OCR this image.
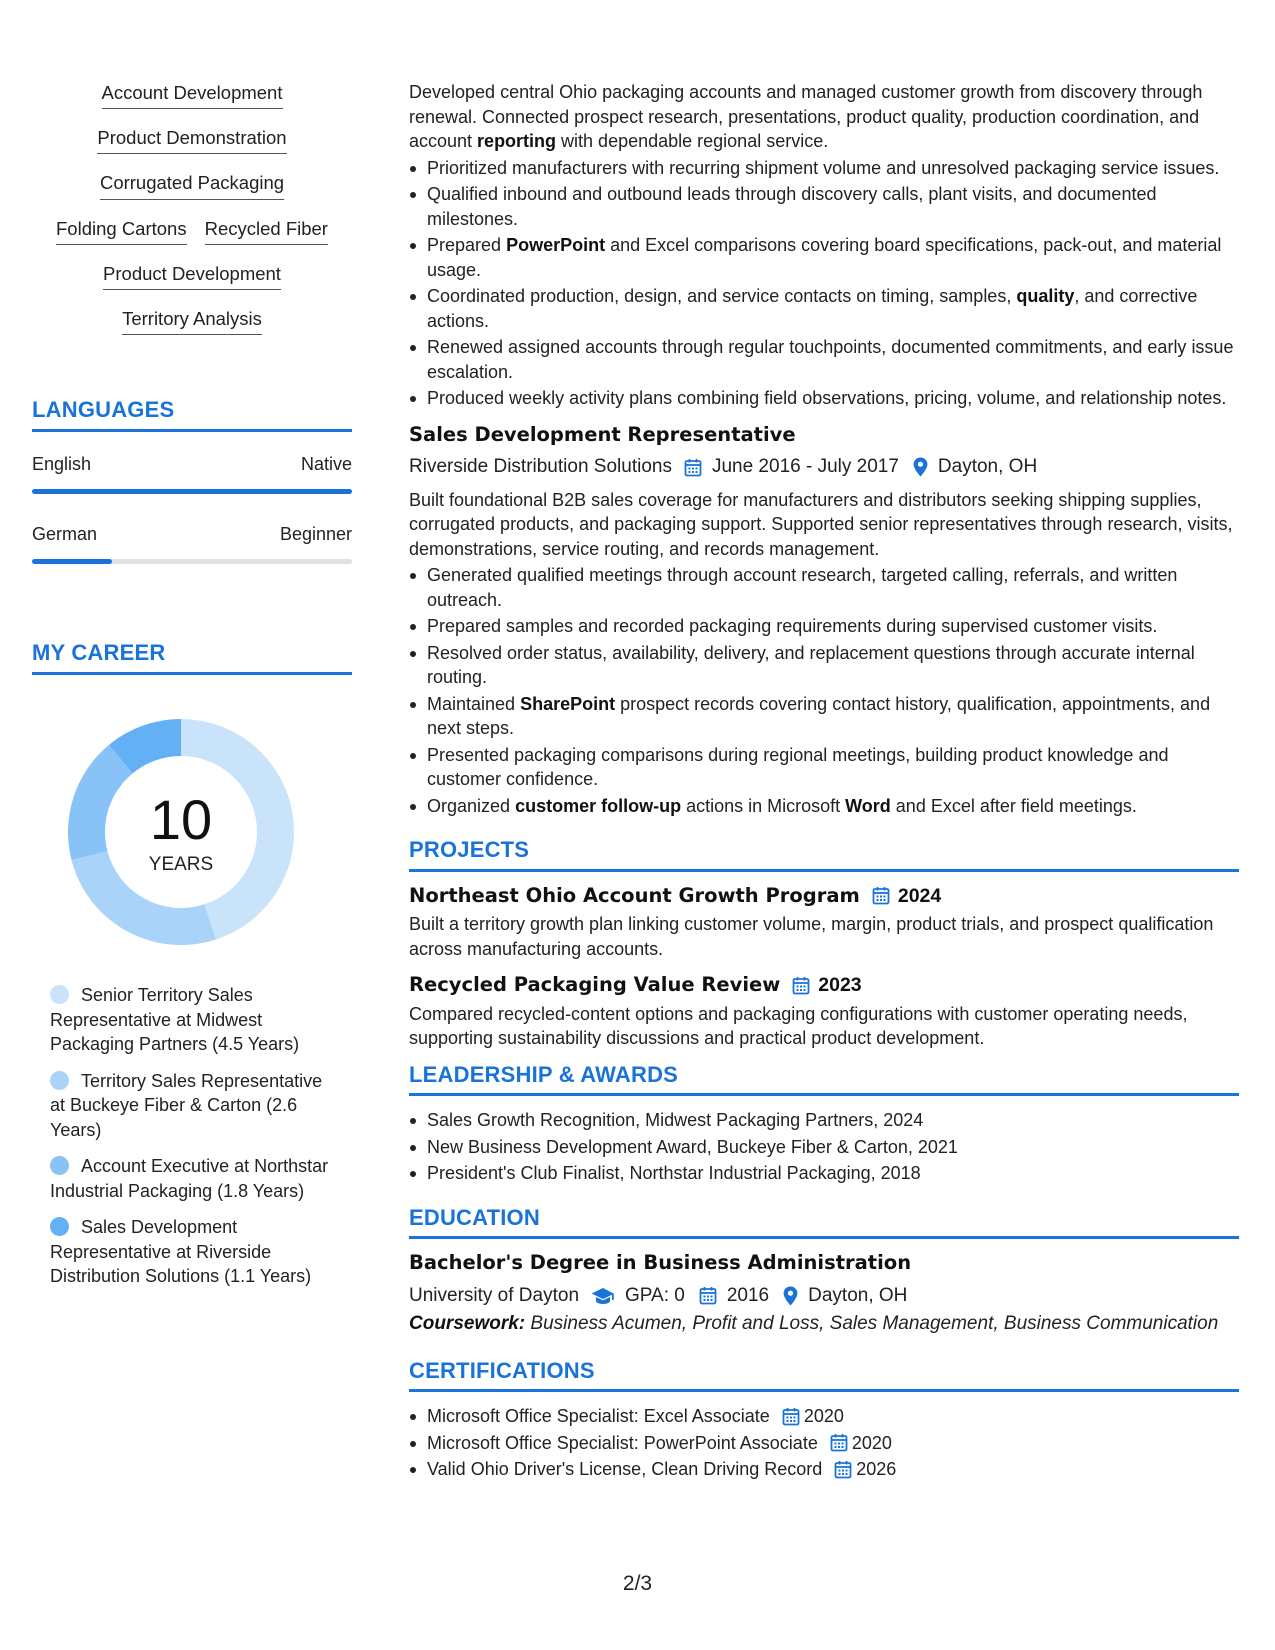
Account Development
Product Demonstration
Corrugated Packaging
Folding Cartons Recycled Fiber
Product Development
Territory Analysis
LANGUAGES
English	Native
German	Beginner
MY CAREER
10
YEARS
Senior Territory Sales Representative at Midwest Packaging Partners (4.5 Years)
Territory Sales Representative at Buckeye Fiber & Carton (2.6 Years)
Account Executive at Northstar Industrial Packaging (1.8 Years)
Sales Development Representative at Riverside Distribution Solutions (1.1 Years)

Developed central Ohio packaging accounts and managed customer growth from discovery through renewal. Connected prospect research, presentations, product quality, production coordination, and account reporting with dependable regional service.

Prioritized manufacturers with recurring shipment volume and unresolved packaging service issues.
Qualified inbound and outbound leads through discovery calls, plant visits, and documented milestones.
Prepared PowerPoint and Excel comparisons covering board specifications, pack-out, and material usage.
Coordinated production, design, and service contacts on timing, samples, quality, and corrective actions.
Renewed assigned accounts through regular touchpoints, documented commitments, and early issue escalation.
Produced weekly activity plans combining field observations, pricing, volume, and relationship notes.
Sales Development Representative
Riverside Distribution Solutions June 2016 - July 2017 Dayton, OH

Built foundational B2B sales coverage for manufacturers and distributors seeking shipping supplies, corrugated products, and packaging support. Supported senior representatives through research, visits, demonstrations, service routing, and records management.

Generated qualified meetings through account research, targeted calling, referrals, and written outreach.
Prepared samples and recorded packaging requirements during supervised customer visits.
Resolved order status, availability, delivery, and replacement questions through accurate internal routing.
Maintained SharePoint prospect records covering contact history, qualification, appointments, and next steps.
Presented packaging comparisons during regional meetings, building product knowledge and customer confidence.
Organized customer follow-up actions in Microsoft Word and Excel after field meetings.
PROJECTS
Northeast Ohio Account Growth Program 2024

Built a territory growth plan linking customer volume, margin, product trials, and prospect qualification across manufacturing accounts.

Recycled Packaging Value Review 2023

Compared recycled-content options and packaging configurations with customer operating needs, supporting sustainability discussions and practical product development.

LEADERSHIP & AWARDS
Sales Growth Recognition, Midwest Packaging Partners, 2024
New Business Development Award, Buckeye Fiber & Carton, 2021
President's Club Finalist, Northstar Industrial Packaging, 2018
EDUCATION
Bachelor's Degree in Business Administration
University of Dayton GPA: 0 2016 Dayton, OH
Coursework: Business Acumen, Profit and Loss, Sales Management, Business Communication
CERTIFICATIONS
Microsoft Office Specialist: Excel Associate 2020
Microsoft Office Specialist: PowerPoint Associate 2020
Valid Ohio Driver's License, Clean Driving Record 2026
2/3
